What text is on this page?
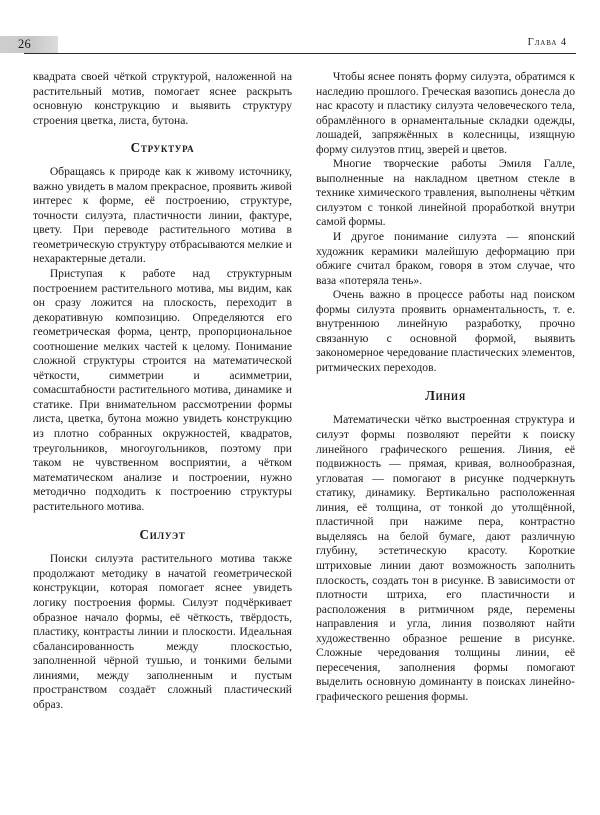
26	Глава 4

квадрата своей чёткой структурой, наложенной на растительный мотив, помогает яснее раскрыть основную конструкцию и выявить структуру строения цветка, листа, бутона.

Структура

Обращаясь к природе как к живому источнику, важно увидеть в малом прекрасное, проявить живой интерес к форме, её построению, структуре, точности силуэта, пластичности линии, фактуре, цвету. При переводе растительного мотива в геометрическую структуру отбрасываются мелкие и нехарактерные детали.

Приступая к работе над структурным построением растительного мотива, мы видим, как он сразу ложится на плоскость, переходит в декоративную композицию. Определяются его геометрическая форма, центр, пропорциональное соотношение мелких частей к целому. Понимание сложной структуры строится на математической чёткости, симметрии и асимметрии, сомасштабности растительного мотива, динамике и статике. При внимательном рассмотрении формы листа, цветка, бутона можно увидеть конструкцию из плотно собранных окружностей, квадратов, треугольников, многоугольников, поэтому при таком не чувственном восприятии, а чётком математическом анализе и построении, нужно методично подходить к построению структуры растительного мотива.

Силуэт

Поиски силуэта растительного мотива также продолжают методику в начатой геометрической конструкции, которая помогает яснее увидеть логику построения формы. Силуэт подчёркивает образное начало формы, её чёткость, твёрдость, пластику, контрасты линии и плоскости. Идеальная сбалансированность между плоскостью, заполненной чёрной тушью, и тонкими белыми линиями, между заполненным и пустым пространством создаёт сложный пластический образ.

Чтобы яснее понять форму силуэта, обратимся к наследию прошлого. Греческая вазопись донесла до нас красоту и пластику силуэта человеческого тела, обрамлённого в орнаментальные складки одежды, лошадей, запряжённых в колесницы, изящную форму силуэтов птиц, зверей и цветов.

Многие творческие работы Эмиля Галле, выполненные на накладном цветном стекле в технике химического травления, выполнены чётким силуэтом с тонкой линейной проработкой внутри самой формы.

И другое понимание силуэта — японский художник керамики малейшую деформацию при обжиге считал браком, говоря в этом случае, что ваза «потеряла тень».

Очень важно в процессе работы над поиском формы силуэта проявить орнаментальность, т. е. внутреннюю линейную разработку, прочно связанную с основной формой, выявить закономерное чередование пластических элементов, ритмических переходов.

Линия

Математически чётко выстроенная структура и силуэт формы позволяют перейти к поиску линейного графического решения. Линия, её подвижность — прямая, кривая, волнообразная, угловатая — помогают в рисунке подчеркнуть статику, динамику. Вертикально расположенная линия, её толщина, от тонкой до утолщённой, пластичной при нажиме пера, контрастно выделяясь на белой бумаге, дают различную глубину, эстетическую красоту. Короткие штриховые линии дают возможность заполнить плоскость, создать тон в рисунке. В зависимости от плотности штриха, его пластичности и расположения в ритмичном ряде, перемены направления и угла, линия позволяют найти художественно образное решение в рисунке. Сложные чередования толщины линии, её пересечения, заполнения формы помогают выделить основную доминанту в поисках линейно-графического решения формы.
